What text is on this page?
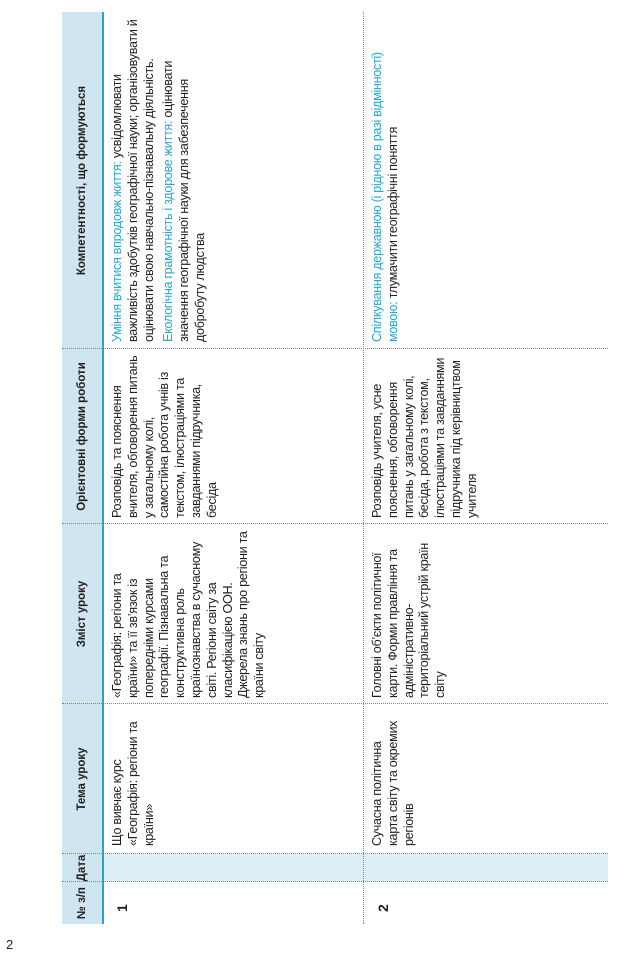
2
№ з/п
Дата
Тема уроку
Зміст уроку
Орієнтовні форми роботи
Компетентності, що формуються
1
Що вивчає курс «Географія: регіони та країни»
«Географія: регіони та країни» та її зв’язок із попередніми курсами географії. Пізнавальна та конструктивна роль країнознавства в сучасному світі. Регіони світу за класифікацією ООН. Джерела знань про регіони та країни світу
Розповідь та пояснення вчителя, обговорення питань у загальному колі, самостійна робота учнів із текстом, ілюстраціями та завданнями підручника, бесіда

Уміння вчитися впродовж життя: усвідомлювати важливість здобутків географічної науки; організовувати й оцінювати свою навчально-пізнавальну діяльність. Екологічна грамотність і здорове життя: оцінювати значення географічної науки для забезпечення добробуту людства

2
Сучасна політична карта світу та окремих регіонів
Головні об’єкти політичної карти. Форми правління та адміністративно-територіальний устрій країн світу
Розповідь учителя, усне пояснення, обговорення питань у загальному колі, бесіда, робота з текстом, ілюстраціями та завданнями підручника під керівництвом учителя

Спілкування державною (і рідною в разі відмінності) мовою: тлумачити географічні поняття
